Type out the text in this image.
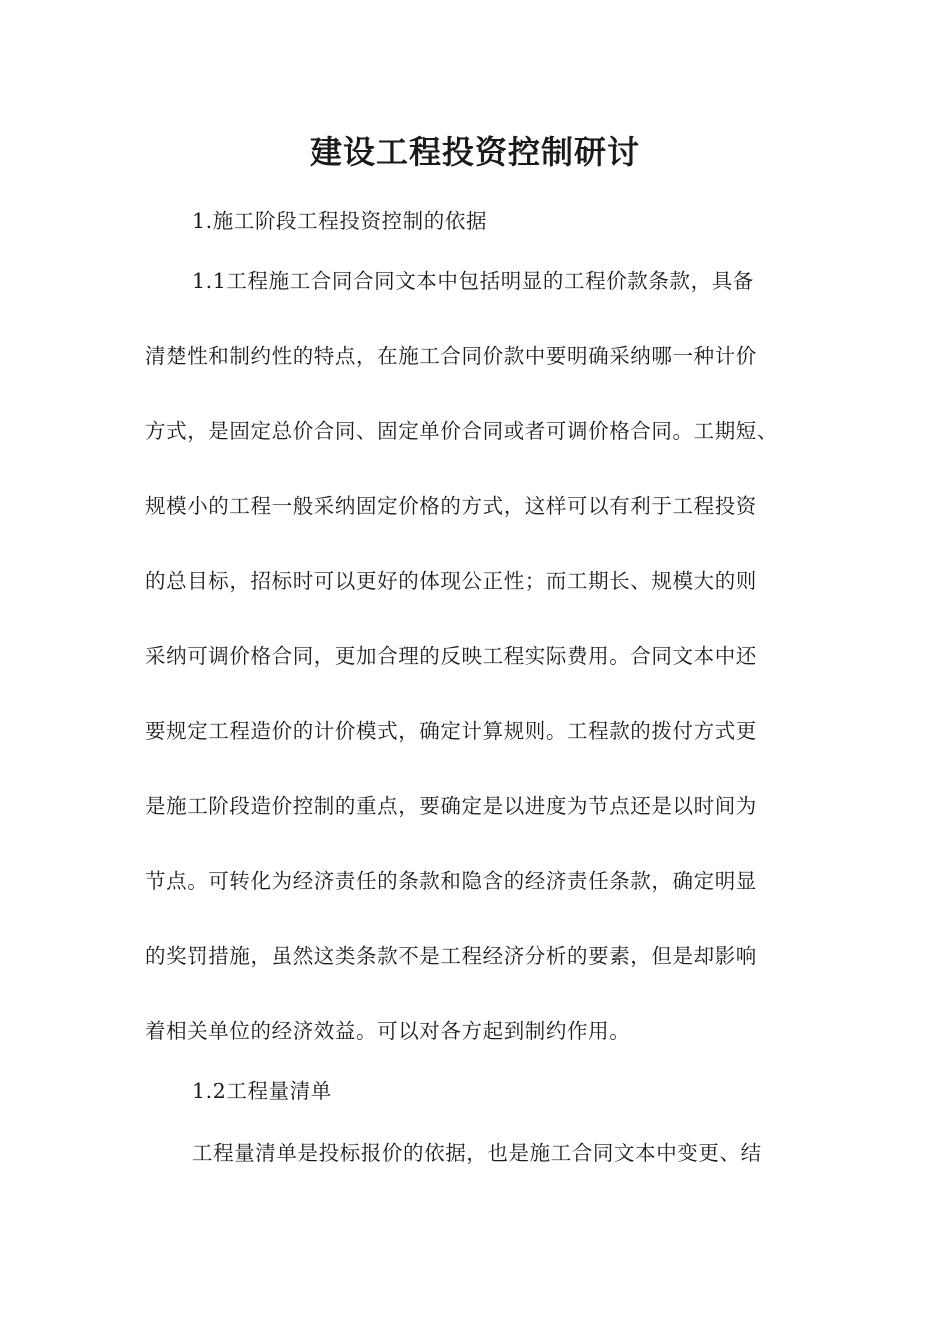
建设工程投资控制研讨

1.施工阶段工程投资控制的依据

1.1工程施工合同合同文本中包括明显的工程价款条款，具备

清楚性和制约性的特点，在施工合同价款中要明确采纳哪一种计价

方式，是固定总价合同、固定单价合同或者可调价格合同。工期短、

规模小的工程一般采纳固定价格的方式，这样可以有利于工程投资

的总目标，招标时可以更好的体现公正性；而工期长、规模大的则

采纳可调价格合同，更加合理的反映工程实际费用。合同文本中还

要规定工程造价的计价模式，确定计算规则。工程款的拨付方式更

是施工阶段造价控制的重点，要确定是以进度为节点还是以时间为

节点。可转化为经济责任的条款和隐含的经济责任条款，确定明显

的奖罚措施，虽然这类条款不是工程经济分析的要素，但是却影响

着相关单位的经济效益。可以对各方起到制约作用。

1.2工程量清单

工程量清单是投标报价的依据，也是施工合同文本中变更、结
